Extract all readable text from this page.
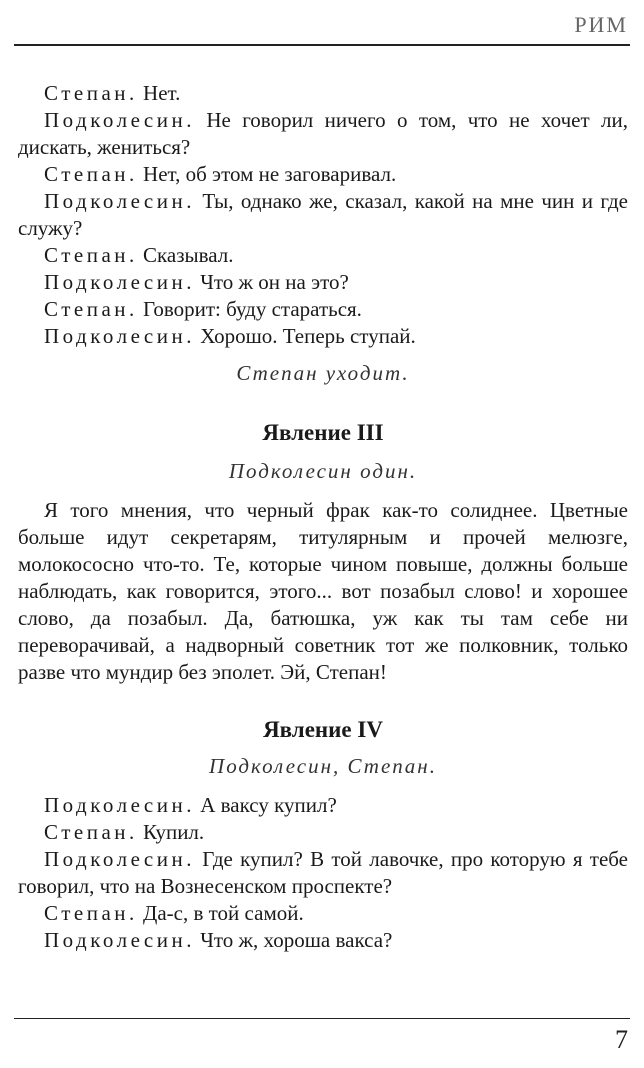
РИМ

Степан. Нет.

Подколесин. Не говорил ничего о том, что не хочет ли, дискать, жениться?

Степан. Нет, об этом не заговаривал.

Подколесин. Ты, однако же, сказал, какой на мне чин и где служу?

Степан. Сказывал.

Подколесин. Что ж он на это?

Степан. Говорит: буду стараться.

Подколесин. Хорошо. Теперь ступай.

Степан уходит.

Явление III

Подколесин один.

Я того мнения, что черный фрак как-то солиднее. Цветные больше идут секретарям, титулярным и прочей мелюзге, молокососно что-то. Те, которые чином повыше, должны больше наблюдать, как говорится, этого... вот позабыл слово! и хорошее слово, да позабыл. Да, батюшка, уж как ты там себе ни переворачивай, а надворный советник тот же полковник, только разве что мундир без эполет. Эй, Степан!

Явление IV

Подколесин, Степан.

Подколесин. А ваксу купил?

Степан. Купил.

Подколесин. Где купил? В той лавочке, про которую я тебе говорил, что на Вознесенском проспекте?

Степан. Да-с, в той самой.

Подколесин. Что ж, хороша вакса?

7
